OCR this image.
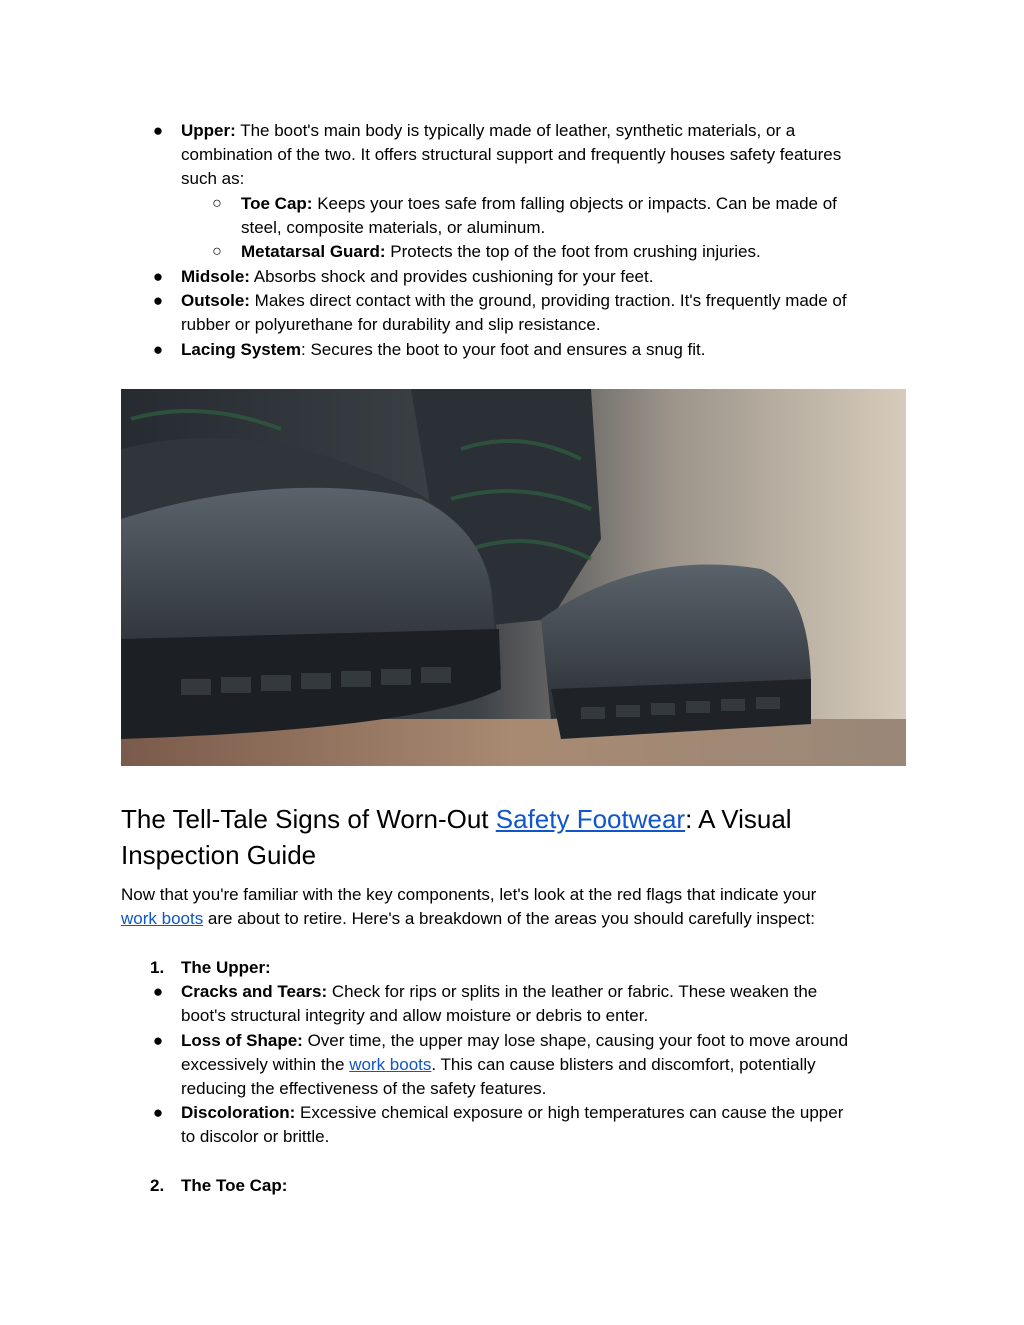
● Upper: The boot's main body is typically made of leather, synthetic materials, or a
combination of the two. It offers structural support and frequently houses safety features
such as:
○	Toe Cap: Keeps your toes safe from falling objects or impacts. Can be made of
steel, composite materials, or aluminum.
○	Metatarsal Guard: Protects the top of the foot from crushing injuries.
● Midsole: Absorbs shock and provides cushioning for your feet.
● Outsole: Makes direct contact with the ground, providing traction. It's frequently made of
rubber or polyurethane for durability and slip resistance.
● Lacing System: Secures the boot to your foot and ensures a snug fit.
The Tell-Tale Signs of Worn-Out Safety Footwear: A Visual
Inspection Guide
Now that you're familiar with the key components, let's look at the red flags that indicate your
work boots are about to retire. Here's a breakdown of the areas you should carefully inspect:
1. The Upper:
● Cracks and Tears: Check for rips or splits in the leather or fabric. These weaken the
boot's structural integrity and allow moisture or debris to enter.
● Loss of Shape: Over time, the upper may lose shape, causing your foot to move around
excessively within the work boots. This can cause blisters and discomfort, potentially
reducing the effectiveness of the safety features.
● Discoloration: Excessive chemical exposure or high temperatures can cause the upper
to discolor or brittle.
2. The Toe Cap:
